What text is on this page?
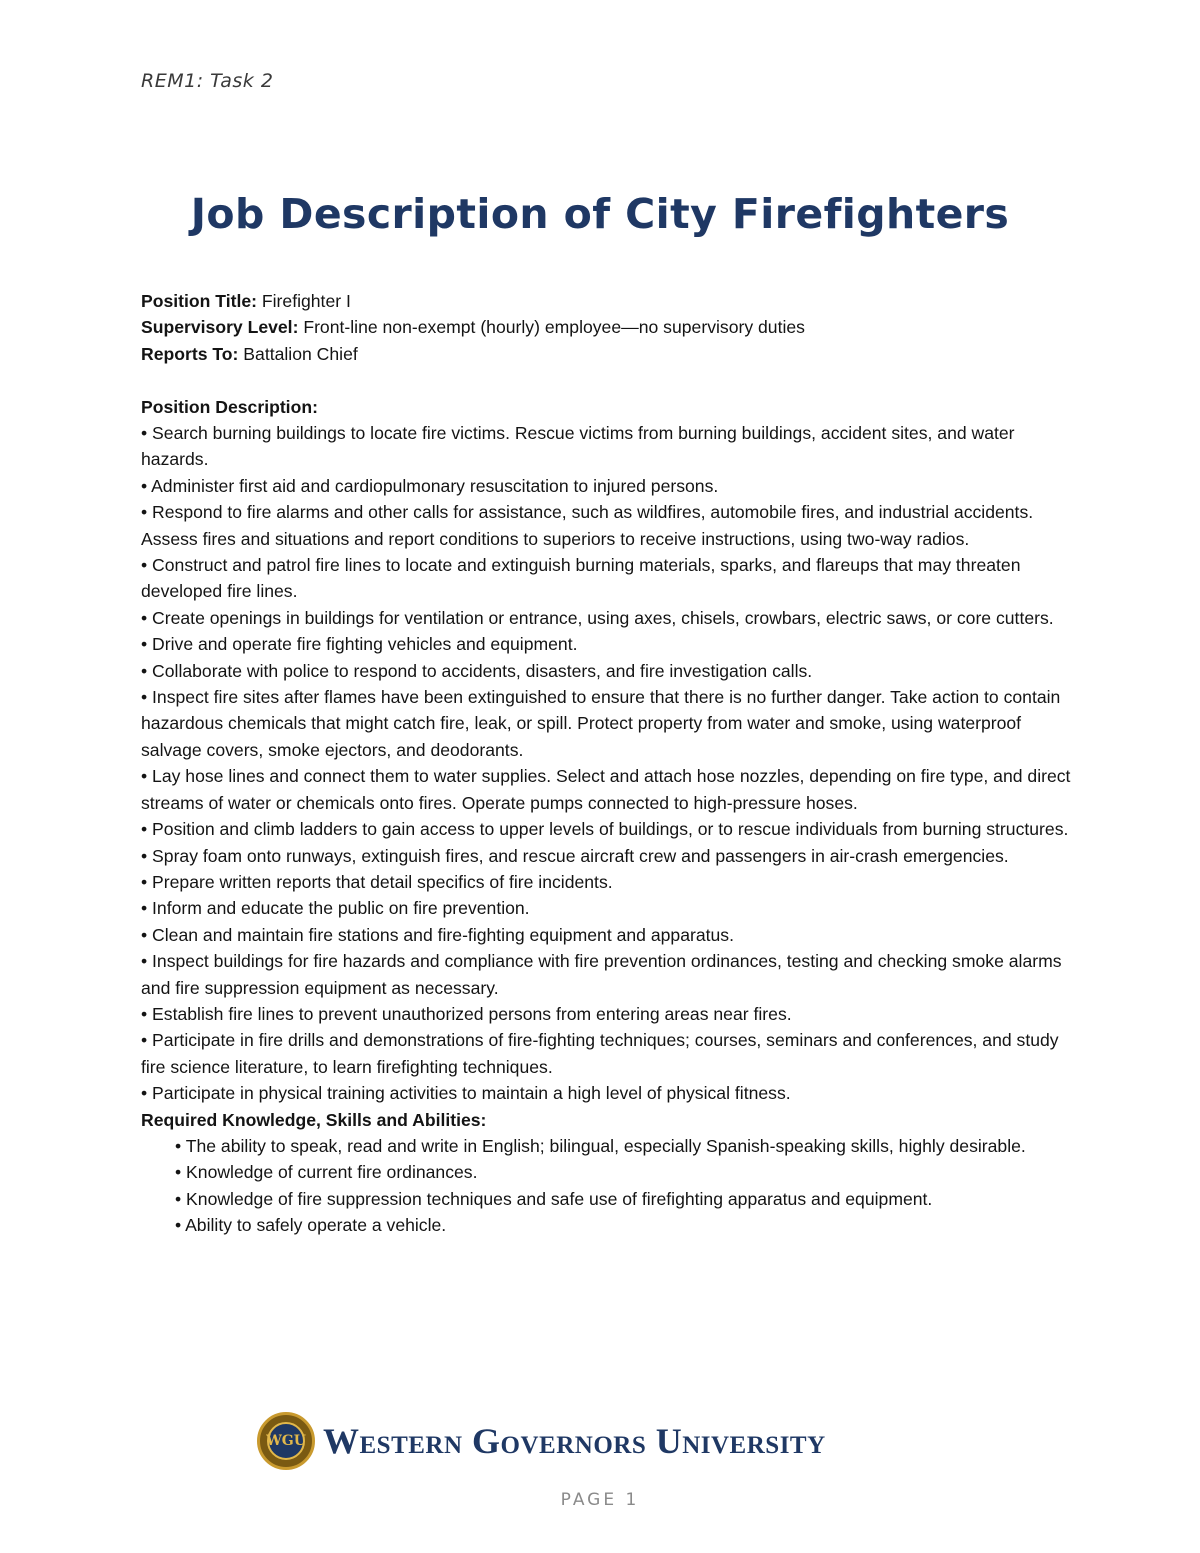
REM1: Task 2
Job Description of City Firefighters

Position Title: Firefighter I

Supervisory Level: Front-line non-exempt (hourly) employee—no supervisory duties

Reports To: Battalion Chief

Position Description:

• Search burning buildings to locate fire victims. Rescue victims from burning buildings, accident sites, and water hazards.
• Administer first aid and cardiopulmonary resuscitation to injured persons.
• Respond to fire alarms and other calls for assistance, such as wildfires, automobile fires, and industrial accidents. Assess fires and situations and report conditions to superiors to receive instructions, using two-way radios.
• Construct and patrol fire lines to locate and extinguish burning materials, sparks, and flareups that may threaten developed fire lines.
• Create openings in buildings for ventilation or entrance, using axes, chisels, crowbars, electric saws, or core cutters.
• Drive and operate fire fighting vehicles and equipment.
• Collaborate with police to respond to accidents, disasters, and fire investigation calls.
• Inspect fire sites after flames have been extinguished to ensure that there is no further danger. Take action to contain hazardous chemicals that might catch fire, leak, or spill. Protect property from water and smoke, using waterproof salvage covers, smoke ejectors, and deodorants.
• Lay hose lines and connect them to water supplies. Select and attach hose nozzles, depending on fire type, and direct streams of water or chemicals onto fires. Operate pumps connected to high-pressure hoses.
• Position and climb ladders to gain access to upper levels of buildings, or to rescue individuals from burning structures.
• Spray foam onto runways, extinguish fires, and rescue aircraft crew and passengers in air-crash emergencies.
• Prepare written reports that detail specifics of fire incidents.
• Inform and educate the public on fire prevention.
• Clean and maintain fire stations and fire-fighting equipment and apparatus.
• Inspect buildings for fire hazards and compliance with fire prevention ordinances, testing and checking smoke alarms and fire suppression equipment as necessary.
• Establish fire lines to prevent unauthorized persons from entering areas near fires.
• Participate in fire drills and demonstrations of fire-fighting techniques; courses, seminars and conferences, and study fire science literature, to learn firefighting techniques.
• Participate in physical training activities to maintain a high level of physical fitness.

Required Knowledge, Skills and Abilities:

• The ability to speak, read and write in English; bilingual, especially Spanish-speaking skills, highly desirable.
• Knowledge of current fire ordinances.
• Knowledge of fire suppression techniques and safe use of firefighting apparatus and equipment.
• Ability to safely operate a vehicle.
WGU Western Governors University
PAGE 1
